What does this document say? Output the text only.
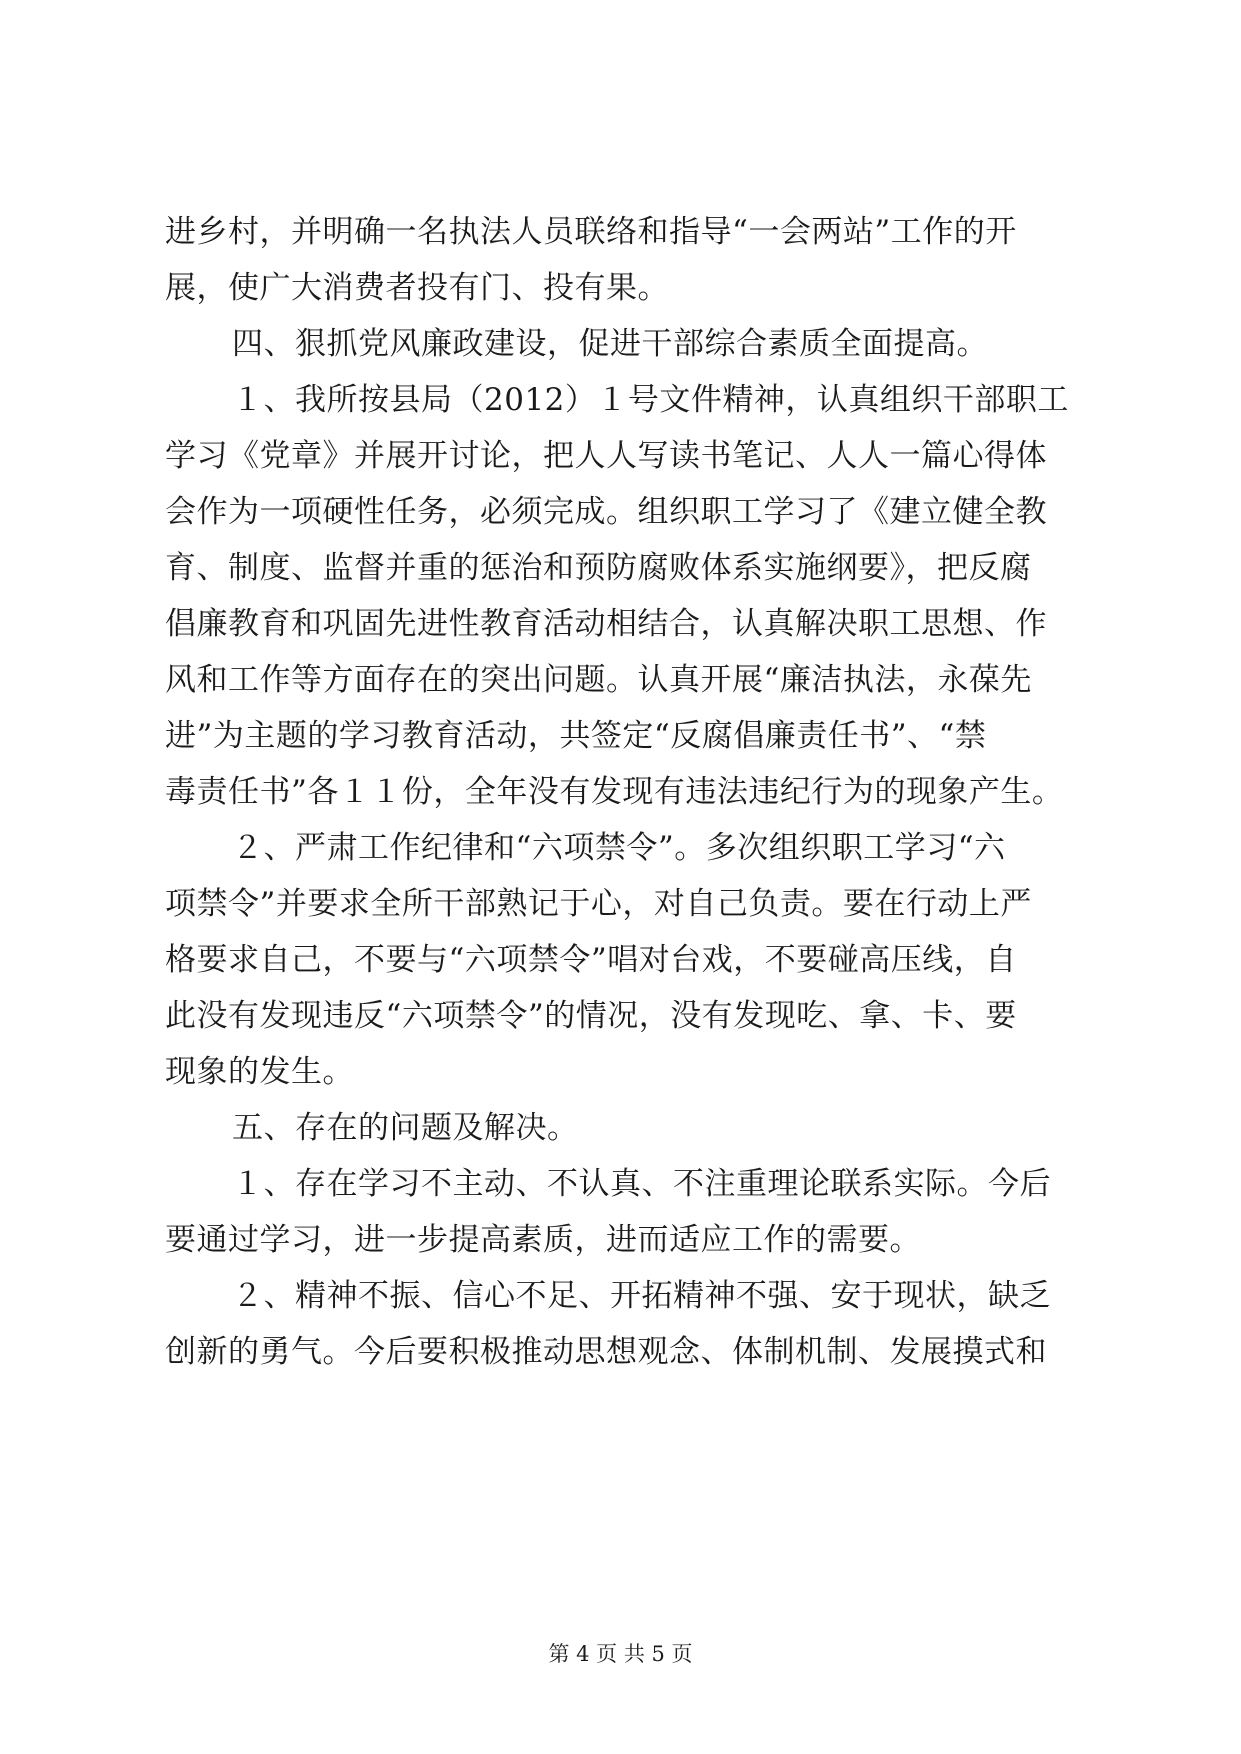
进乡村，并明确一名执法人员联络和指导“一会两站”工作的开
展，使广大消费者投有门、投有果。
四、狠抓党风廉政建设，促进干部综合素质全面提高。
１、我所按县局（2012）１号文件精神，认真组织干部职工
学习《党章》并展开讨论，把人人写读书笔记、人人一篇心得体
会作为一项硬性任务，必须完成。组织职工学习了《建立健全教
育、制度、监督并重的惩治和预防腐败体系实施纲要》，把反腐
倡廉教育和巩固先进性教育活动相结合，认真解决职工思想、作
风和工作等方面存在的突出问题。认真开展“廉洁执法，永葆先
进”为主题的学习教育活动，共签定“反腐倡廉责任书”、“禁
毒责任书”各１１份，全年没有发现有违法违纪行为的现象产生。
２、严肃工作纪律和“六项禁令”。多次组织职工学习“六
项禁令”并要求全所干部熟记于心，对自己负责。要在行动上严
格要求自己，不要与“六项禁令”唱对台戏，不要碰高压线，自
此没有发现违反“六项禁令”的情况，没有发现吃、拿、卡、要
现象的发生。
五、存在的问题及解决。
１、存在学习不主动、不认真、不注重理论联系实际。今后
要通过学习，进一步提高素质，进而适应工作的需要。
２、精神不振、信心不足、开拓精神不强、安于现状，缺乏
创新的勇气。今后要积极推动思想观念、体制机制、发展摸式和
第 4 页 共 5 页
